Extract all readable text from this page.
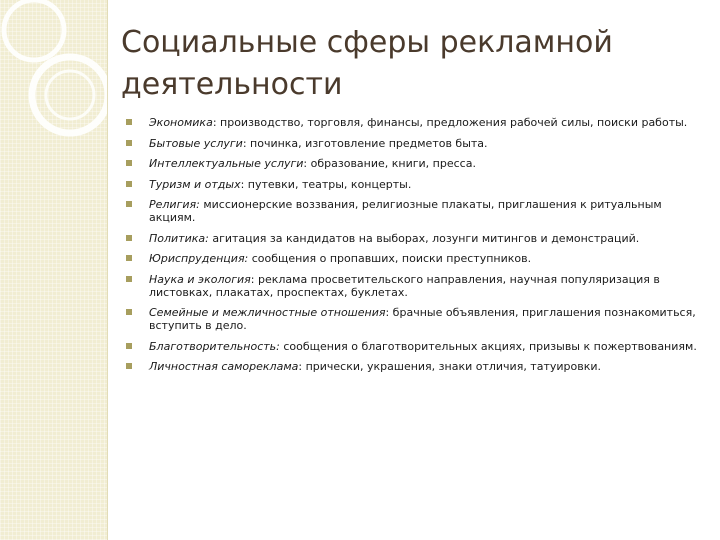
Социальные сферы рекламной
деятельности
Экономика: производство, торговля, финансы, предложения рабочей силы, поиски работы.
Бытовые услуги: починка, изготовление предметов быта.
Интеллектуальные услуги: образование, книги, пресса.
Туризм и отдых: путевки, театры, концерты.
Религия: миссионерские воззвания, религиозные плакаты, приглашения к ритуальным акциям.
Политика: агитация за кандидатов на выборах, лозунги митингов и демонстраций.
Юриспруденция: сообщения о пропавших, поиски преступников.
Наука и экология: реклама просветительского направления, научная популяризация в листовках, плакатах, проспектах, буклетах.
Семейные и межличностные отношения: брачные объявления, приглашения познакомиться, вступить в дело.
Благотворительность: сообщения о благотворительных акциях, призывы к пожертвованиям.
Личностная самореклама: прически, украшения, знаки отличия, татуировки.
